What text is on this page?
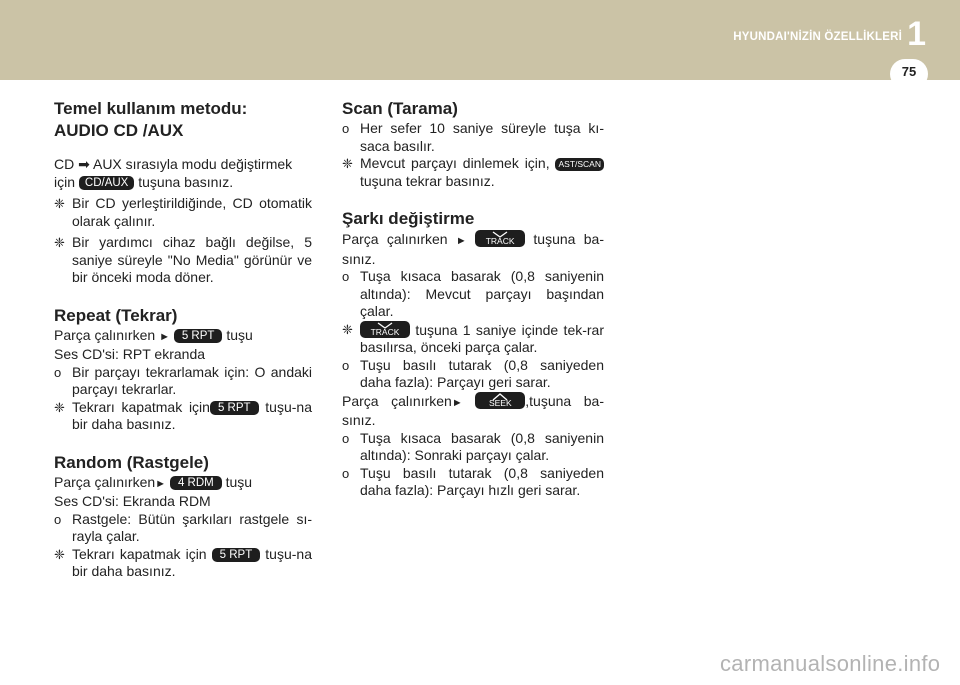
HYUNDAI'NİZİN ÖZELLİKLERİ 1
75
Temel kullanım metodu:
AUDIO CD /AUX

CD ➡ AUX sırasıyla modu değiştirmek
için CD/AUX tuşuna basınız.

❈ Bir CD yerleştirildiğinde, CD otomatik olarak çalınır.
❈ Bir yardımcı cihaz bağlı değilse, 5 saniye süreyle "No Media" görünür ve bir önceki moda döner.
Repeat (Tekrar)

Parça çalınırken ► 5 RPT tuşu

Ses CD'si: RPT ekranda

o Bir parçayı tekrarlamak için: O andaki parçayı tekrarlar.
❈ Tekrarı kapatmak için 5 RPT tuşu-na bir daha basınız.
Random (Rastgele)

Parça çalınırken► 4 RDM tuşu

Ses CD'si: Ekranda RDM

o Rastgele: Bütün şarkıları rastgele sı-rayla çalar.
❈ Tekrarı kapatmak için 5 RPT tuşu-na bir daha basınız.
Scan (Tarama)
o Her sefer 10 saniye süreyle tuşa kı-saca basılır.
❈ Mevcut parçayı dinlemek için, AST/SCAN tuşuna tekrar basınız.
Şarkı değiştirme

Parça çalınırken ►	TRACK tuşuna ba-sınız.

o Tuşa kısaca basarak (0,8 saniyenin altında): Mevcut parçayı başından çalar.
❈	TRACK tuşuna 1 saniye içinde tek-rar basılırsa, önceki parça çalar.
o Tuşu basılı tutarak (0,8 saniyeden daha fazla): Parçayı geri sarar.

Parça çalınırken►	SEEK ,tuşuna ba-sınız.

o Tuşa kısaca basarak (0,8 saniyenin altında): Sonraki parçayı çalar.
o Tuşu basılı tutarak (0,8 saniyeden daha fazla): Parçayı hızlı geri sarar.
carmanualsonline.info
